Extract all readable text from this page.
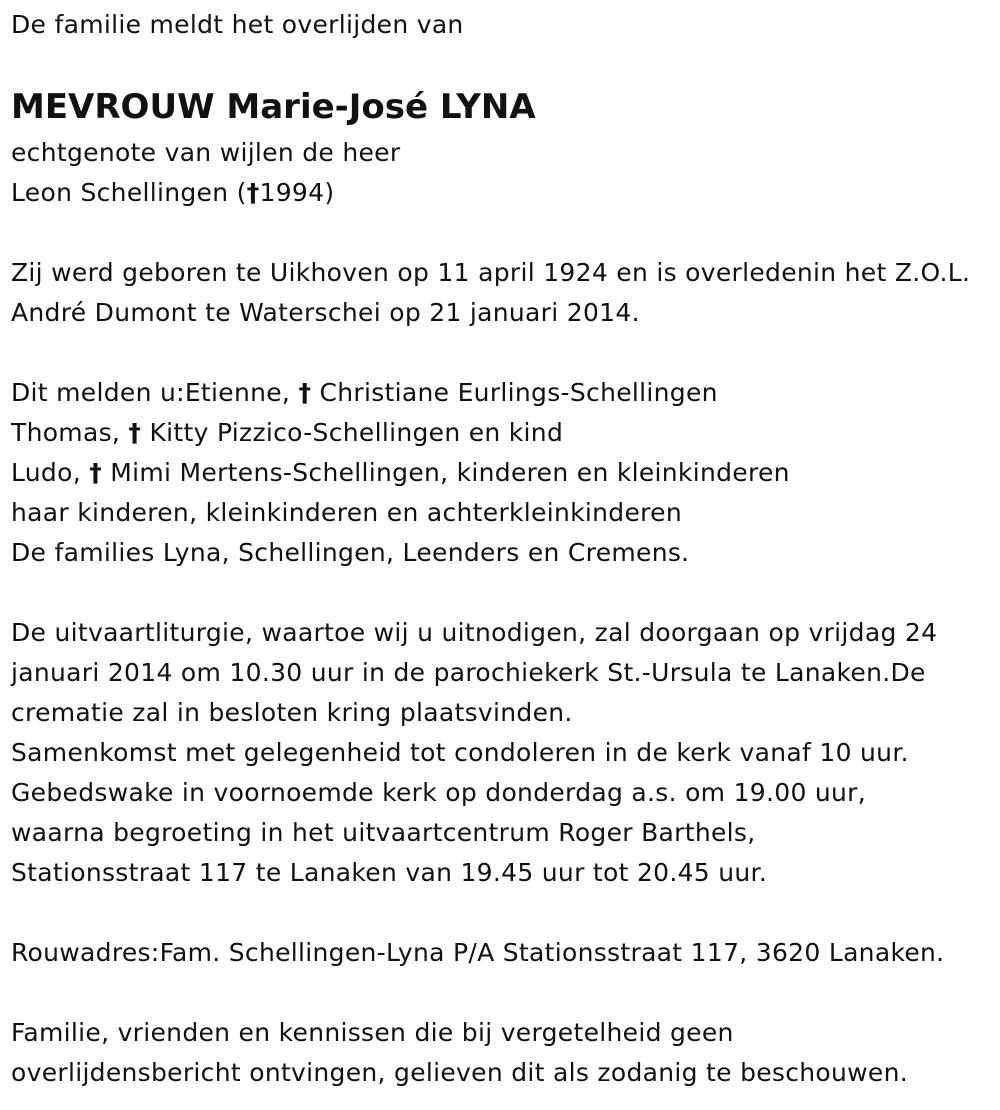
De familie meldt het overlijden van
MEVROUW Marie-José LYNA
echtgenote van wijlen de heer
Leon Schellingen (†1994)
Zij werd geboren te Uikhoven op 11 april 1924 en is overledenin het Z.O.L.
André Dumont te Waterschei op 21 januari 2014.
Dit melden u:Etienne, † Christiane Eurlings-Schellingen
Thomas, † Kitty Pizzico-Schellingen en kind
Ludo, † Mimi Mertens-Schellingen, kinderen en kleinkinderen
haar kinderen, kleinkinderen en achterkleinkinderen
De families Lyna, Schellingen, Leenders en Cremens.
De uitvaartliturgie, waartoe wij u uitnodigen, zal doorgaan op vrijdag 24
januari 2014 om 10.30 uur in de parochiekerk St.-Ursula te Lanaken.De
crematie zal in besloten kring plaatsvinden.
Samenkomst met gelegenheid tot condoleren in de kerk vanaf 10 uur.
Gebedswake in voornoemde kerk op donderdag a.s. om 19.00 uur,
waarna begroeting in het uitvaartcentrum Roger Barthels,
Stationsstraat 117 te Lanaken van 19.45 uur tot 20.45 uur.
Rouwadres:Fam. Schellingen-Lyna P/A Stationsstraat 117, 3620 Lanaken.
Familie, vrienden en kennissen die bij vergetelheid geen
overlijdensbericht ontvingen, gelieven dit als zodanig te beschouwen.
